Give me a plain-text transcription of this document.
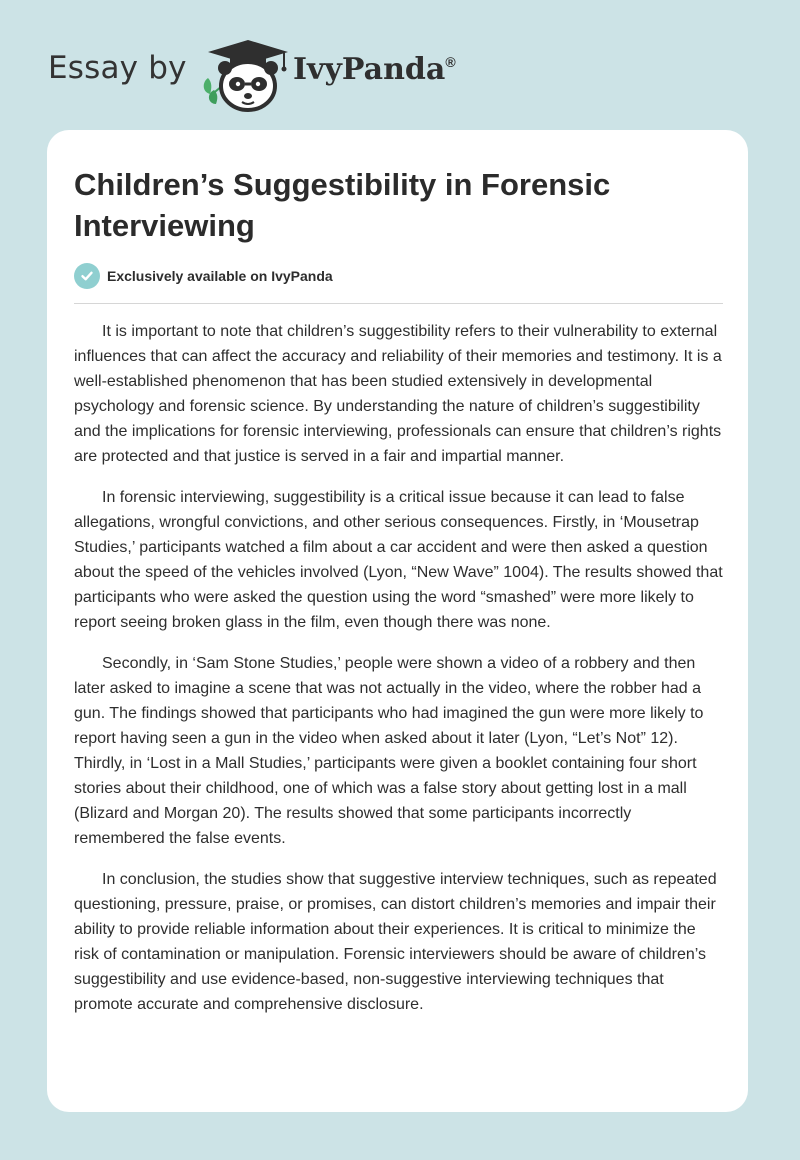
Essay by	IvyPanda®
Children’s Suggestibility in Forensic Interviewing
Exclusively available on IvyPanda

It is important to note that children’s suggestibility refers to their vulnerability to external influences that can affect the accuracy and reliability of their memories and testimony. It is a well-established phenomenon that has been studied extensively in developmental psychology and forensic science. By understanding the nature of children’s suggestibility and the implications for forensic interviewing, professionals can ensure that children’s rights are protected and that justice is served in a fair and impartial manner.

In forensic interviewing, suggestibility is a critical issue because it can lead to false allegations, wrongful convictions, and other serious consequences. Firstly, in ‘Mousetrap Studies,’ participants watched a film about a car accident and were then asked a question about the speed of the vehicles involved (Lyon, “New Wave” 1004). The results showed that participants who were asked the question using the word “smashed” were more likely to report seeing broken glass in the film, even though there was none.

Secondly, in ‘Sam Stone Studies,’ people were shown a video of a robbery and then later asked to imagine a scene that was not actually in the video, where the robber had a gun. The findings showed that participants who had imagined the gun were more likely to report having seen a gun in the video when asked about it later (Lyon, “Let’s Not” 12). Thirdly, in ‘Lost in a Mall Studies,’ participants were given a booklet containing four short stories about their childhood, one of which was a false story about getting lost in a mall (Blizard and Morgan 20). The results showed that some participants incorrectly remembered the false events.

In conclusion, the studies show that suggestive interview techniques, such as repeated questioning, pressure, praise, or promises, can distort children’s memories and impair their ability to provide reliable information about their experiences. It is critical to minimize the risk of contamination or manipulation. Forensic interviewers should be aware of children’s suggestibility and use evidence-based, non-suggestive interviewing techniques that promote accurate and comprehensive disclosure.
